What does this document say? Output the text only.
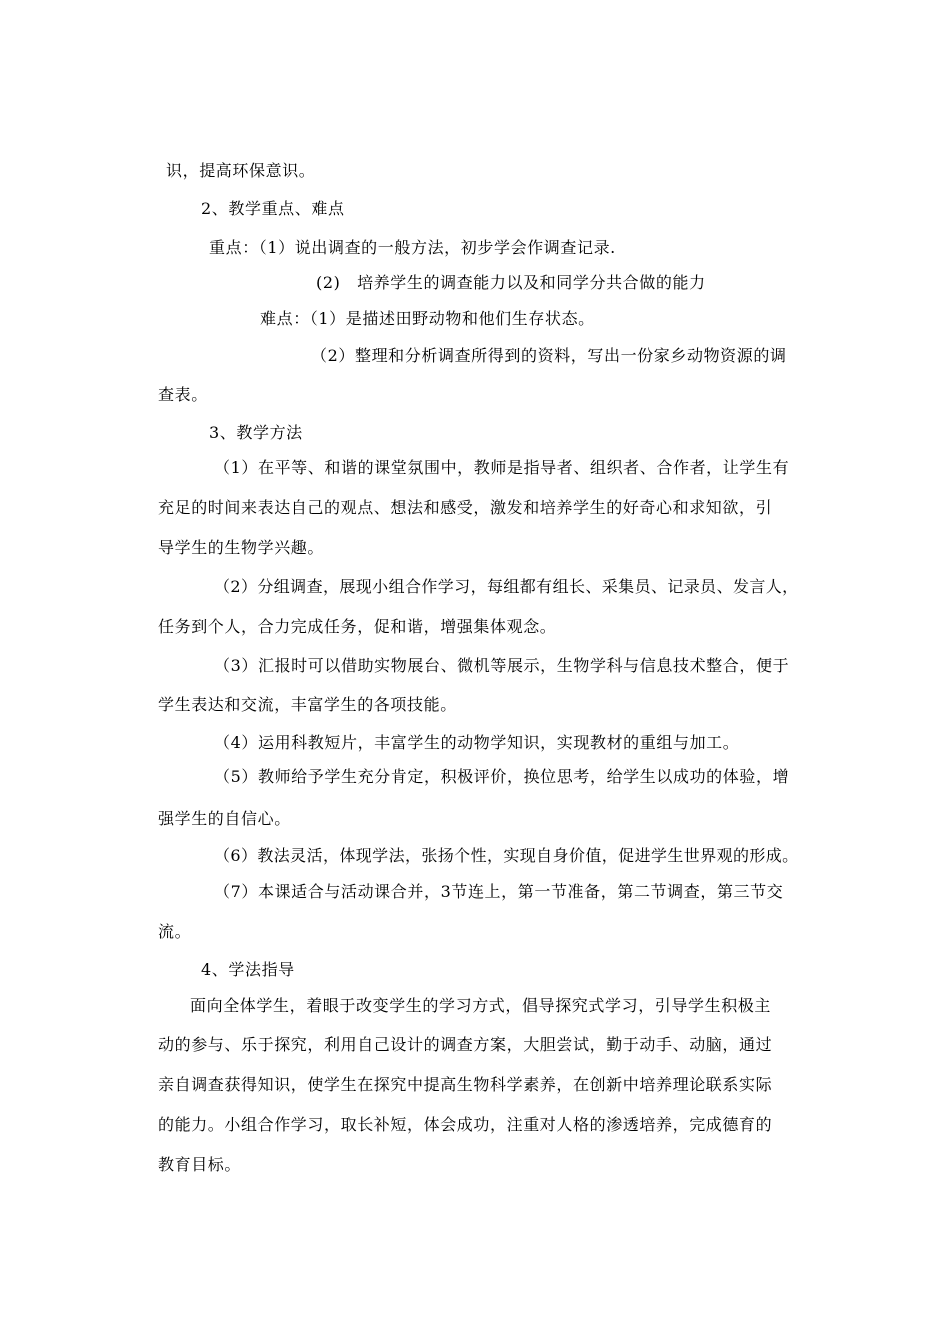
识，提高环保意识。
2、教学重点、难点
重点：（1）说出调查的一般方法，初步学会作调查记录.
(2)　培养学生的调查能力以及和同学分共合做的能力
难点：（1）是描述田野动物和他们生存状态。
（2）整理和分析调查所得到的资料，写出一份家乡动物资源的调
查表。
3、教学方法
（1）在平等、和谐的课堂氛围中，教师是指导者、组织者、合作者，让学生有
充足的时间来表达自己的观点、想法和感受，激发和培养学生的好奇心和求知欲，引
导学生的生物学兴趣。
（2）分组调查，展现小组合作学习，每组都有组长、采集员、记录员、发言人，
任务到个人，合力完成任务，促和谐，增强集体观念。
（3）汇报时可以借助实物展台、微机等展示，生物学科与信息技术整合，便于
学生表达和交流，丰富学生的各项技能。
（4）运用科教短片，丰富学生的动物学知识，实现教材的重组与加工。
（5）教师给予学生充分肯定，积极评价，换位思考，给学生以成功的体验，增
强学生的自信心。
（6）教法灵活，体现学法，张扬个性，实现自身价值，促进学生世界观的形成。
（7）本课适合与活动课合并，3节连上，第一节准备，第二节调查，第三节交
流。
4、学法指导
面向全体学生，着眼于改变学生的学习方式，倡导探究式学习，引导学生积极主
动的参与、乐于探究，利用自己设计的调查方案，大胆尝试，勤于动手、动脑，通过
亲自调查获得知识，使学生在探究中提高生物科学素养，在创新中培养理论联系实际
的能力。小组合作学习，取长补短，体会成功，注重对人格的渗透培养，完成德育的
教育目标。
